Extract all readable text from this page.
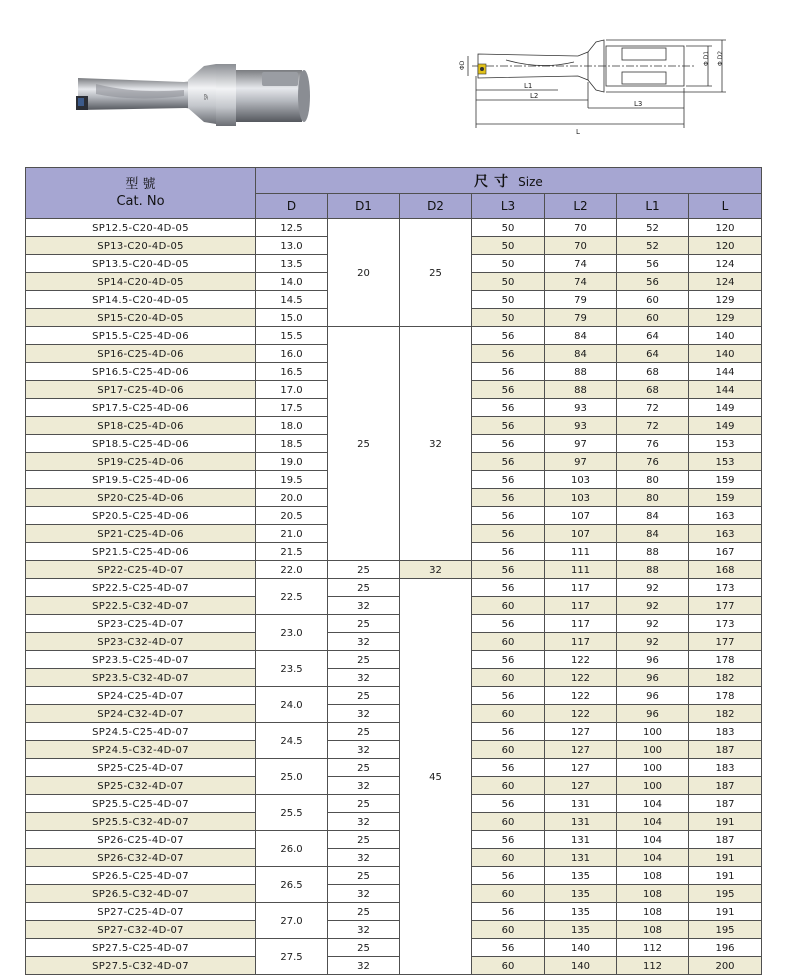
SP
ΦD
L1
L2
L3
L
Φ D1 Φ D2
型 號
Cat. No	尺寸 Size						
	D	D1	D2	L3	L2	L1	L
SP12.5-C20-4D-05	12.5	20	25	50	70	52	120
SP13-C20-4D-05	13.0			50	70	52	120
SP13.5-C20-4D-05	13.5			50	74	56	124
SP14-C20-4D-05	14.0			50	74	56	124
SP14.5-C20-4D-05	14.5			50	79	60	129
SP15-C20-4D-05	15.0			50	79	60	129
SP15.5-C25-4D-06	15.5	25	32	56	84	64	140
SP16-C25-4D-06	16.0			56	84	64	140
SP16.5-C25-4D-06	16.5			56	88	68	144
SP17-C25-4D-06	17.0			56	88	68	144
SP17.5-C25-4D-06	17.5			56	93	72	149
SP18-C25-4D-06	18.0			56	93	72	149
SP18.5-C25-4D-06	18.5			56	97	76	153
SP19-C25-4D-06	19.0			56	97	76	153
SP19.5-C25-4D-06	19.5			56	103	80	159
SP20-C25-4D-06	20.0			56	103	80	159
SP20.5-C25-4D-06	20.5			56	107	84	163
SP21-C25-4D-06	21.0			56	107	84	163
SP21.5-C25-4D-06	21.5			56	111	88	167
SP22-C25-4D-07	22.0	25	32	56	111	88	168
SP22.5-C25-4D-07	22.5	25	45	56	117	92	173
SP22.5-C32-4D-07		32		60	117	92	177
SP23-C25-4D-07	23.0	25		56	117	92	173
SP23-C32-4D-07		32		60	117	92	177
SP23.5-C25-4D-07	23.5	25		56	122	96	178
SP23.5-C32-4D-07		32		60	122	96	182
SP24-C25-4D-07	24.0	25		56	122	96	178
SP24-C32-4D-07		32		60	122	96	182
SP24.5-C25-4D-07	24.5	25		56	127	100	183
SP24.5-C32-4D-07		32		60	127	100	187
SP25-C25-4D-07	25.0	25		56	127	100	183
SP25-C32-4D-07		32		60	127	100	187
SP25.5-C25-4D-07	25.5	25		56	131	104	187
SP25.5-C32-4D-07		32		60	131	104	191
SP26-C25-4D-07	26.0	25		56	131	104	187
SP26-C32-4D-07		32		60	131	104	191
SP26.5-C25-4D-07	26.5	25		56	135	108	191
SP26.5-C32-4D-07		32		60	135	108	195
SP27-C25-4D-07	27.0	25		56	135	108	191
SP27-C32-4D-07		32		60	135	108	195
SP27.5-C25-4D-07	27.5	25		56	140	112	196
SP27.5-C32-4D-07		32		60	140	112	200
